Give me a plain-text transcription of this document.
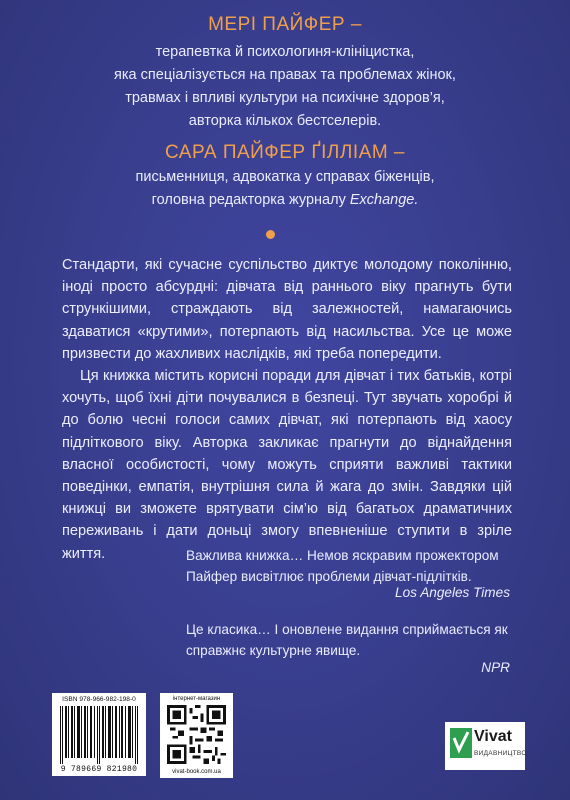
МЕРІ ПАЙФЕР –
терапевтка й психологиня-клініцистка,
яка спеціалізується на правах та проблемах жінок,
травмах і впливі культури на психічне здоров’я,
авторка кількох бестселерів.
САРА ПАЙФЕР ҐІЛЛІАМ –
письменниця, адвокатка у справах біженців,
головна редакторка журналу Exchange.

Стандарти, які сучасне суспільство диктує молодому поколінню, іноді просто абсурдні: дівчата від раннього віку прагнуть бути стрункішими, страждають від залежностей, намагаючись здаватися «крутими», потерпають від насильства. Усе це може призвести до жахливих наслідків, які треба попередити.

Ця книжка містить корисні поради для дівчат і тих батьків, котрі хочуть, щоб їхні діти почувалися в безпеці. Тут звучать хоробрі й до болю чесні голоси самих дівчат, які потерпають від хаосу підліткового віку. Авторка закликає прагнути до віднайдення власної особистості, чому можуть сприяти важливі тактики поведінки, емпатія, внутрішня сила й жага до змін. Завдяки цій книжці ви зможете врятувати сім’ю від багатьох драматичних переживань і дати доньці змогу впевненіше ступити в зріле життя.	Важлива книжка… Немов яскравим прожектором Пайфер висвітлює проблеми дівчат-підлітків.
Los Angeles Times
Це класика… І оновлене видання сприймається як справжнє культурне явище.
NPR
ISBN 978-966-982-198-0
9 789669 821980
інтернет-магазин
vivat-book.com.ua
Vivat
ВИДАВНИЦТВО
